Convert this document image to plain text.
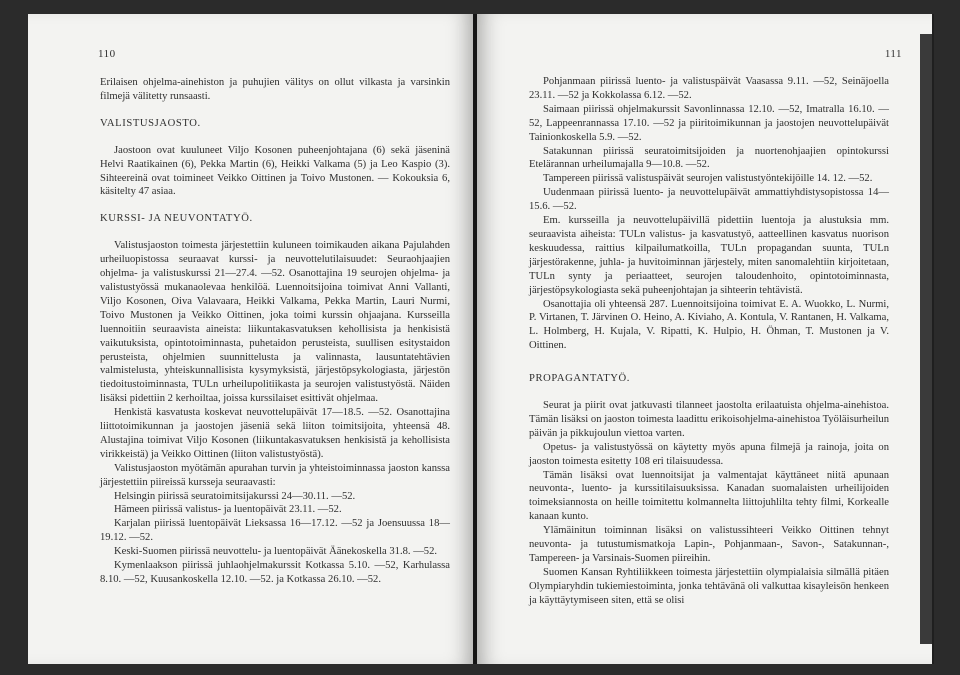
110

Erilaisen ohjelma-ainehiston ja puhujien välitys on ollut vilkasta ja varsinkin filmejä välitetty runsaasti.

VALISTUSJAOSTO.

Jaostoon ovat kuuluneet Viljo Kosonen puheenjohtajana (6) sekä jäseninä Helvi Raatikainen (6), Pekka Martin (6), Heikki Valkama (5) ja Leo Kaspio (3). Sihteereinä ovat toimineet Veikko Oittinen ja Toivo Mustonen. — Kokouksia 6, käsitelty 47 asiaa.

KURSSI- JA NEUVONTATYÖ.

Valistusjaoston toimesta järjestettiin kuluneen toimikauden aikana Pajulahden urheiluopistossa seuraavat kurssi- ja neuvottelutilaisuudet: Seuraohjaajien ohjelma- ja valistuskurssi 21—27.4. —52. Osanottajina 19 seurojen ohjelma- ja valistustyössä mukanaolevaa henkilöä. Luennoitsijoina toimivat Anni Vallanti, Viljo Kosonen, Oiva Valavaara, Heikki Valkama, Pekka Martin, Lauri Nurmi, Toivo Mustonen ja Veikko Oittinen, joka toimi kurssin ohjaajana. Kursseilla luennoitiin seuraavista aineista: liikuntakasvatuksen kehollisista ja henkisistä vaikutuksista, opintotoiminnasta, puhetaidon perusteista, suullisen esitystaidon perusteista, ohjelmien suunnittelusta ja valinnasta, lausuntatehtävien valmistelusta, yhteiskunnallisista kysymyksistä, järjestöpsykologiasta, järjestön tiedoitustoiminnasta, TULn urheilupolitiikasta ja seurojen valistustyöstä. Näiden lisäksi pidettiin 2 kerhoiltaa, joissa kurssilaiset esittivät ohjelmaa.

Henkistä kasvatusta koskevat neuvottelupäivät 17—18.5. —52. Osanottajina liittotoimikunnan ja jaostojen jäseniä sekä liiton toimitsijoita, yhteensä 48. Alustajina toimivat Viljo Kosonen (liikuntakasvatuksen henkisistä ja kehollisista virikkeistä) ja Veikko Oittinen (liiton valistustyöstä).

Valistusjaoston myötämän apurahan turvin ja yhteistoiminnassa jaoston kanssa järjestettiin piireissä kursseja seuraavasti:

Helsingin piirissä seuratoimitsijakurssi 24—30.11. —52.

Hämeen piirissä valistus- ja luentopäivät 23.11. —52.

Karjalan piirissä luentopäivät Lieksassa 16—17.12. —52 ja Joensuussa 18—19.12. —52.

Keski-Suomen piirissä neuvottelu- ja luentopäivät Äänekoskella 31.8. —52.

Kymenlaakson piirissä juhlaohjelmakurssit Kotkassa 5.10. —52, Karhulassa 8.10. —52, Kuusankoskella 12.10. —52. ja Kotkassa 26.10. —52.

111

Pohjanmaan piirissä luento- ja valistuspäivät Vaasassa 9.11. —52, Seinäjoella 23.11. —52 ja Kokkolassa 6.12. —52.

Saimaan piirissä ohjelmakurssit Savonlinnassa 12.10. —52, Imatralla 16.10. —52, Lappeenrannassa 17.10. —52 ja piiritoimikunnan ja jaostojen neuvottelupäivät Tainionkoskella 5.9. —52.

Satakunnan piirissä seuratoimitsijoiden ja nuortenohjaajien opintokurssi Etelärannan urheilumajalla 9—10.8. —52.

Tampereen piirissä valistuspäivät seurojen valistustyöntekijöille 14. 12. —52.

Uudenmaan piirissä luento- ja neuvottelupäivät ammattiyhdistysopistossa 14—15.6. —52.

Em. kursseilla ja neuvottelupäivillä pidettiin luentoja ja alustuksia mm. seuraavista aiheista: TULn valistus- ja kasvatustyö, aatteellinen kasvatus nuorison keskuudessa, raittius kilpailumatkoilla, TULn propagandan suunta, TULn järjestörakenne, juhla- ja huvitoiminnan järjestely, miten sanomalehtiin kirjoitetaan, TULn synty ja periaatteet, seurojen taloudenhoito, opintotoiminnasta, järjestöpsykologiasta sekä puheenjohtajan ja sihteerin tehtävistä.

Osanottajia oli yhteensä 287. Luennoitsijoina toimivat E. A. Wuokko, L. Nurmi, P. Virtanen, T. Järvinen O. Heino, A. Kiviaho, A. Kontula, V. Rantanen, H. Valkama, L. Holmberg, H. Kujala, V. Ripatti, K. Hulpio, H. Öhman, T. Mustonen ja V. Oittinen.

PROPAGANTATYÖ.

Seurat ja piirit ovat jatkuvasti tilanneet jaostolta erilaatuista ohjelma-ainehistoa. Tämän lisäksi on jaoston toimesta laadittu erikoisohjelma-ainehistoa Työläisurheilun päivän ja pikkujoulun viettoa varten.

Opetus- ja valistustyössä on käytetty myös apuna filmejä ja rainoja, joita on jaoston toimesta esitetty 108 eri tilaisuudessa.

Tämän lisäksi ovat luennoitsijat ja valmentajat käyttäneet niitä apunaan neuvonta-, luento- ja kurssitilaisuuksissa. Kanadan suomalaisten urheilijoiden toimeksiannosta on heille toimitettu kolmannelta liittojuhlilta tehty filmi, Korkealle kanaan kunto.

Ylämäinitun toiminnan lisäksi on valistussihteeri Veikko Oittinen tehnyt neuvonta- ja tutustumismatkoja Lapin-, Pohjanmaan-, Savon-, Satakunnan-, Tampereen- ja Varsinais-Suomen piireihin.

Suomen Kansan Ryhtiliikkeen toimesta järjestettiin olympialaisia silmällä pitäen Olympiaryhdin tukiemiestoiminta, jonka tehtävänä oli valkuttaa kisayleisön henkeen ja käyttäytymiseen siten, että se olisi
